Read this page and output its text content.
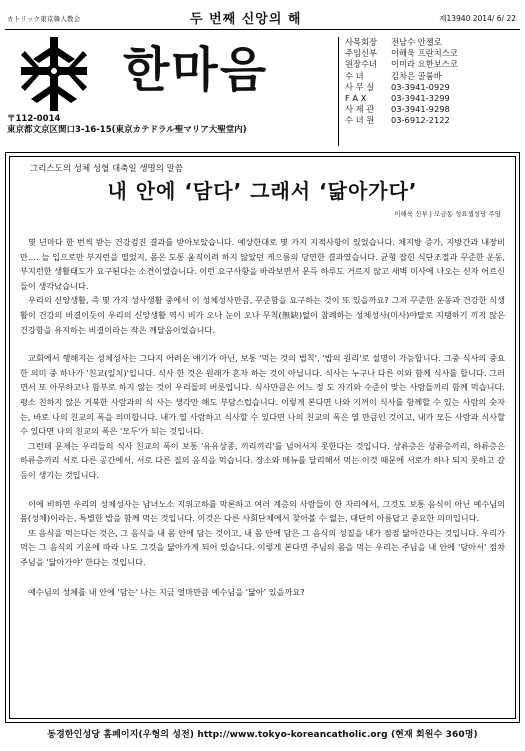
カトリック東京韓人教会	두 번째 신앙의 해	제13940 2014/ 6/ 22
한마음
〒112-0014
東京都文京区関口3-16-15(東京カテドラル聖マリア大聖堂内)
사목회장	전남수 안젤로
주임신부	이해욱 프란치스코
원장수녀	이미라 요한보스코
수 녀	김차은 골룸바
사 무 실	03-3941-0929
F A X	03-3941-3299
사 제 관	03-3941-9298
수 녀 원	03-6912-2122
그리스도의 성체 성혈 대축일 생명의 말씀
내 안에 ‘담다’ 그래서 ‘닮아가다’
이해욱 신부 | 모금동 성요셉성당 주임

몇 년마다 한 번씩 받는 건강검진 결과를 받아보았습니다. 예상한대로 몇 가지 지적사항이 있었습니다. 체지방 증가, 지방간과 내장비만…. 늘 입으로만 부지런을 떨었지, 몸은 도통 움직이려 하지 않았던 게으름의 당연한 결과였습니다. 균형 잡힌 식단조절과 꾸준한 운동, 부지런한 생활태도가 요구된다는 소견이었습니다. 이런 요구사항을 바라보면서 문득 하루도 거르지 않고 새벽 미사에 나오는 신자 어르신들이 생각났습니다.

우리의 신앙생활, 즉 몇 가지 성사생활 중에서 이 성체성사만큼, 꾸준함을 요구하는 것이 또 있을까요? 그저 꾸준한 운동과 건강한 식생활이 건강의 비결이듯이 우리의 신앙생활 역시 비가 오나 눈이 오나 무칙(無缺)없이 참례하는 성체성사(미사)야말로 지탱하기 끼지 않은 건강함을 유지하는 비결이라는 작은 깨달음이었습니다.

교회에서 행해지는 성체성사는 그다지 어려운 얘기가 아닌, 보통 '먹는 것의 법칙', '밥의 원리'로 설명이 가능합니다. 그중 식사의 중요한 의미 중 하나가 '친교(일치)'입니다. 식사 한 것은 원래가 혼자 하는 것이 아닙니다. 식사는 누구나 다른 이와 함께 식사를 합니다. 그러면서 또 아무하고나 함부로 하지 않는 것이 우리들의 버릇입니다. 식사만큼은 어느 정 도 자기와 수준이 맞는 사람들끼리 함께 먹습니다. 평소 친하지 않은 거북한 사람과의 식 사는 생각만 해도 부담스럽습니다. 이렇게 본다면 나와 기꺼이 식사를 함께할 수 있는 사람의 숫자는, 바로 나의 친교의 폭을 의미합니다. 내가 열 사람하고 식사할 수 있다면 나의 친교의 폭은 열 만큼인 것이고, 내가 모든 사람과 식사할 수 있다면 나의 친교의 폭은 '모두'가 되는 것입니다.

그런데 문제는 우리들의 식사 친교의 폭이 보통 '유유상종, 끼리끼리'를 넘어서지 못한다는 것입니다. 상류층은 상류층끼리, 하류층은 하류층끼리 서로 다른 공간에서, 서로 다른 질의 음식을 먹습니다. 장소와 메뉴를 달리해서 먹는 이것 때문에 서로가 하나 되지 못하고 갈등이 생기는 것입니다.

이에 비하면 우리의 성체성사는 남녀노소 지위고하를 막론하고 여러 계층의 사람들이 한 자리에서, 그것도 보통 음식이 아닌 예수님의 몸(성체)이라는, 특별한 밥을 함께 먹는 것입니다. 이것은 다른 사회단체에서 찾아볼 수 없는, 대단히 아름답고 중요한 의미입니다.

또 음식을 먹는다는 것은, 그 음식을 내 몸 안에 담는 것이고, 내 몸 안에 담은 그 음식의 성질을 내가 점점 닮아간다는 것입니다. 우리가 먹는 그 음식의 기운에 따라 나도 그것을 닮아가게 되어 있습니다. 이렇게 본다면 주님의 몸을 먹는 우리는 주님을 내 안에 '담아서' 점차 주님을 '닮아가야' 한다는 것입니다.

예수님의 성체를 내 안에 '담는' 나는 지금 얼마만큼 예수님을 '닮아' 있을까요?

동경한인성당 홈페이지(우형의 성전) http://www.tokyo-koreancatholic.org (현재 회원수 360명)
